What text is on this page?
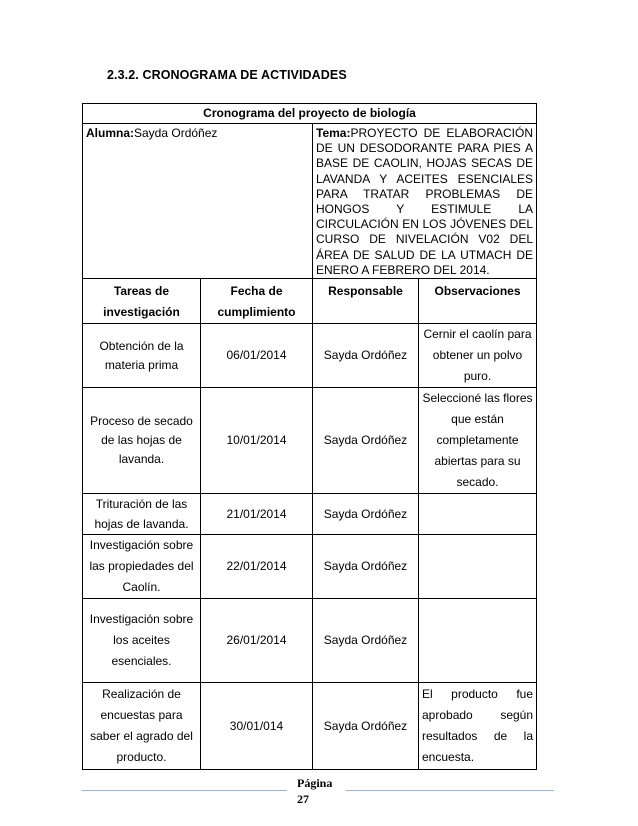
2.3.2. CRONOGRAMA DE ACTIVIDADES
Cronograma del proyecto de biología			
Alumna:Sayda Ordóñez		Tema:PROYECTO DE ELABORACIÓN DE UN DESODORANTE PARA PIES A BASE DE CAOLIN, HOJAS SECAS DE LAVANDA Y ACEITES ESENCIALES PARA TRATAR PROBLEMAS DE HONGOS Y ESTIMULE LA CIRCULACIÓN EN LOS JÓVENES DEL CURSO DE NIVELACIÓN V02 DEL ÁREA DE SALUD DE LA UTMACH DE ENERO A FEBRERO DEL 2014.	
Tareas de investigación	Fecha de cumplimiento	Responsable	Observaciones
Obtención de la materia prima	06/01/2014	Sayda Ordóñez	Cernir el caolín para obtener un polvo puro.
Proceso de secado de las hojas de lavanda.	10/01/2014	Sayda Ordóñez	Seleccioné las flores que están completamente abiertas para su secado.
Trituración de las hojas de lavanda.	21/01/2014	Sayda Ordóñez	
Investigación sobre las propiedades del Caolín.	22/01/2014	Sayda Ordóñez	
Investigación sobre los aceites esenciales.	26/01/2014	Sayda Ordóñez	
Realización de encuestas para saber el agrado del producto.	30/01/014	Sayda Ordóñez	El producto fue aprobado según resultados de la encuesta.
Página
27
